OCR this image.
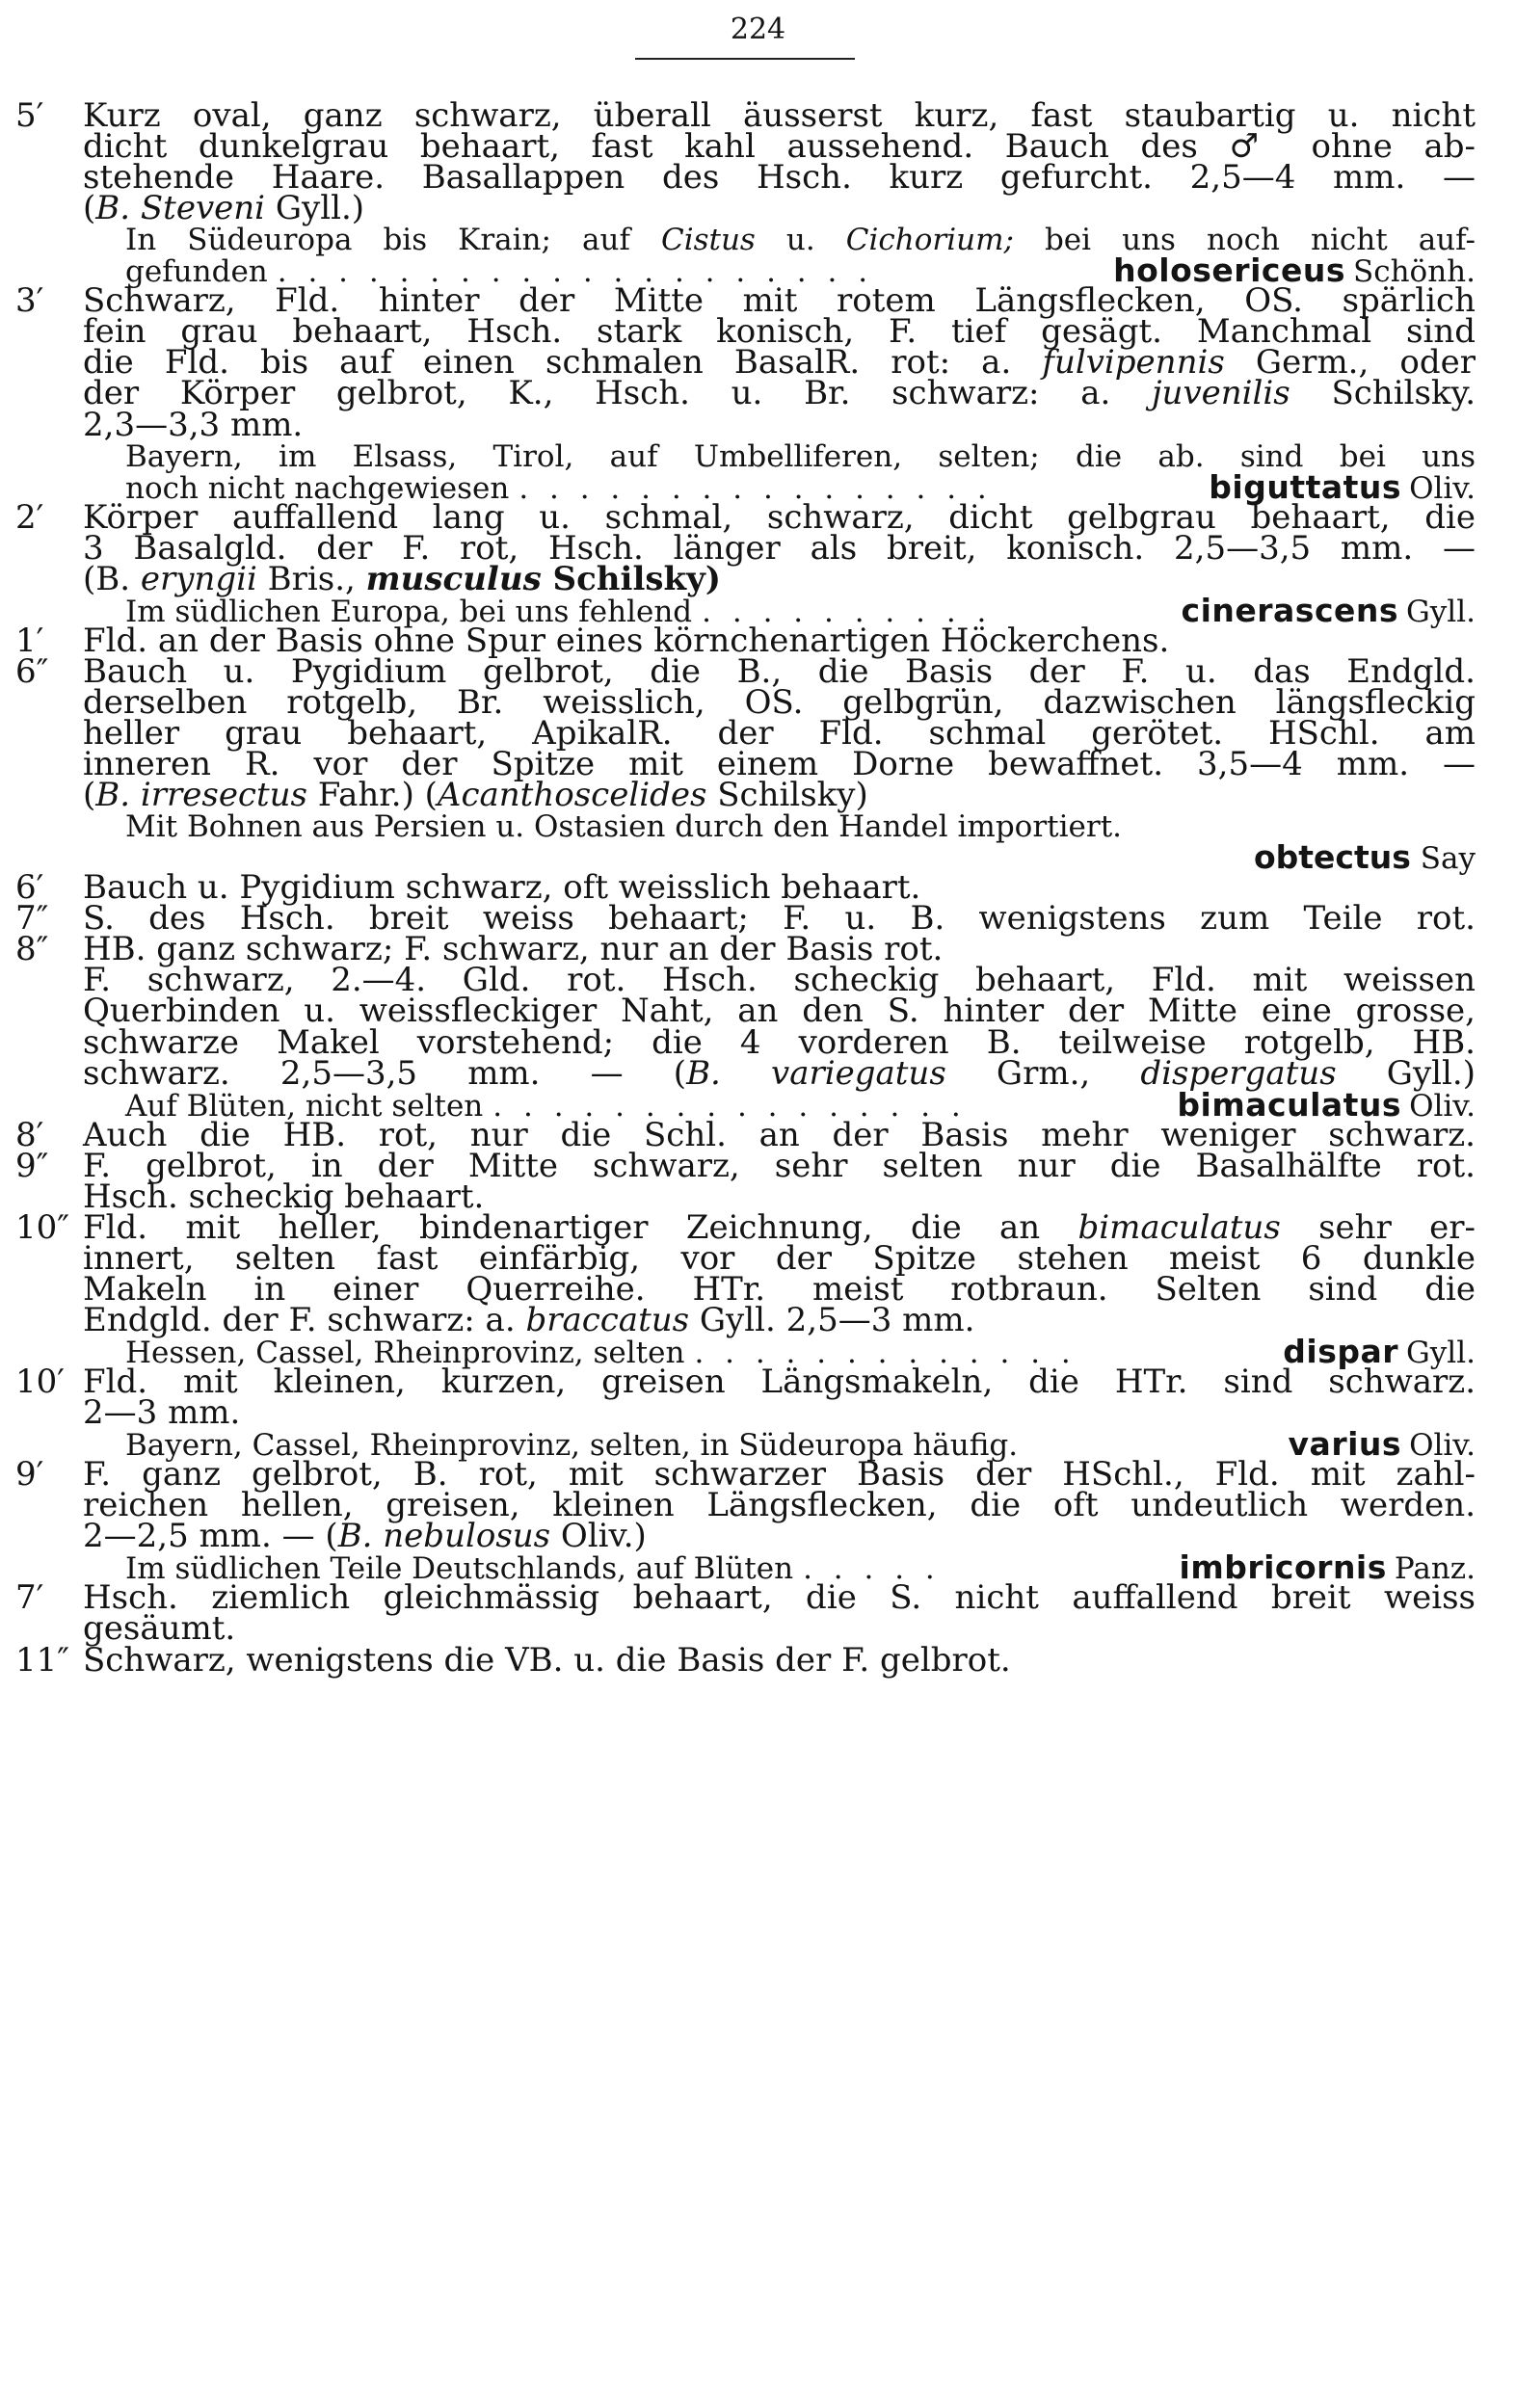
224
5′	Kurz oval, ganz schwarz, überall äusserst kurz, fast staubartig u. nicht
dicht dunkelgrau behaart, fast kahl aussehend. Bauch des ♂ ohne ab-
stehende Haare. Basallappen des Hsch. kurz gefurcht. 2,5—4 mm. —
(B. Steveni Gyll.)
In Südeuropa bis Krain; auf Cistus u. Cichorium; bei uns noch nicht auf-
gefunden . . . . . . . . . . . . . . . . . . . .	holosericeus Schönh.
3′	Schwarz, Fld. hinter der Mitte mit rotem Längsflecken, OS. spärlich
fein grau behaart, Hsch. stark konisch, F. tief gesägt. Manchmal sind
die Fld. bis auf einen schmalen BasalR. rot: a. fulvipennis Germ., oder
der Körper gelbrot, K., Hsch. u. Br. schwarz: a. juvenilis Schilsky.
2,3—3,3 mm.
Bayern, im Elsass, Tirol, auf Umbelliferen, selten; die ab. sind bei uns
noch nicht nachgewiesen . . . . . . . . . . . . . . . .	biguttatus Oliv.
2′	Körper auffallend lang u. schmal, schwarz, dicht gelbgrau behaart, die
3 Basalgld. der F. rot, Hsch. länger als breit, konisch. 2,5—3,5 mm. —
(B. eryngii Bris., musculus Schilsky)
Im südlichen Europa, bei uns fehlend . . . . . . . . . .	cinerascens Gyll.
1′	Fld. an der Basis ohne Spur eines körnchenartigen Höckerchens.
6″	Bauch u. Pygidium gelbrot, die B., die Basis der F. u. das Endgld.
derselben rotgelb, Br. weisslich, OS. gelbgrün, dazwischen längsfleckig
heller grau behaart, ApikalR. der Fld. schmal gerötet. HSchl. am
inneren R. vor der Spitze mit einem Dorne bewaffnet. 3,5—4 mm. —
(B. irresectus Fahr.) (Acanthoscelides Schilsky)
Mit Bohnen aus Persien u. Ostasien durch den Handel importiert.
obtectus Say
6′	Bauch u. Pygidium schwarz, oft weisslich behaart.
7″	S. des Hsch. breit weiss behaart; F. u. B. wenigstens zum Teile rot.
8″	HB. ganz schwarz; F. schwarz, nur an der Basis rot.
F. schwarz, 2.—4. Gld. rot. Hsch. scheckig behaart, Fld. mit weissen
Querbinden u. weissfleckiger Naht, an den S. hinter der Mitte eine grosse,
schwarze Makel vorstehend; die 4 vorderen B. teilweise rotgelb, HB.
schwarz. 2,5—3,5 mm. — (B. variegatus Grm., dispergatus Gyll.)
Auf Blüten, nicht selten . . . . . . . . . . . . . . . .	bimaculatus Oliv.
8′	Auch die HB. rot, nur die Schl. an der Basis mehr weniger schwarz.
9″	F. gelbrot, in der Mitte schwarz, sehr selten nur die Basalhälfte rot.
Hsch. scheckig behaart.
10″ Fld. mit heller, bindenartiger Zeichnung, die an bimaculatus sehr er-
innert, selten fast einfärbig, vor der Spitze stehen meist 6 dunkle
Makeln in einer Querreihe. HTr. meist rotbraun. Selten sind die
Endgld. der F. schwarz: a. braccatus Gyll. 2,5—3 mm.
Hessen, Cassel, Rheinprovinz, selten . . . . . . . . . . . . .	dispar Gyll.
10′ Fld. mit kleinen, kurzen, greisen Längsmakeln, die HTr. sind schwarz.
2—3 mm.
Bayern, Cassel, Rheinprovinz, selten, in Südeuropa häufig.	varius Oliv.
9′	F. ganz gelbrot, B. rot, mit schwarzer Basis der HSchl., Fld. mit zahl-
reichen hellen, greisen, kleinen Längsflecken, die oft undeutlich werden.
2—2,5 mm. — (B. nebulosus Oliv.)
Im südlichen Teile Deutschlands, auf Blüten . . . . .	imbricornis Panz.
7′	Hsch. ziemlich gleichmässig behaart, die S. nicht auffallend breit weiss
gesäumt.
11″ Schwarz, wenigstens die VB. u. die Basis der F. gelbrot.
